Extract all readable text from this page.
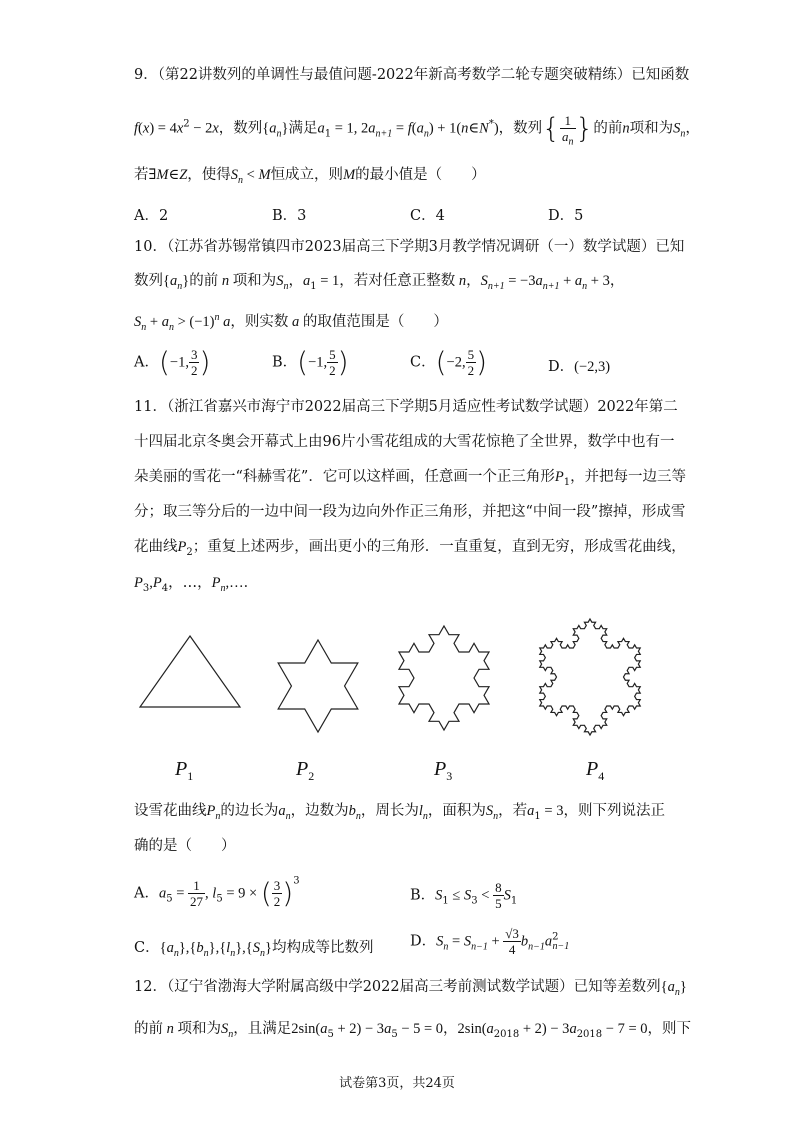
9．（第22讲数列的单调性与最值问题-2022年新高考数学二轮专题突破精练）已知函数
$f(x) = 4x^2 - 2x$，数列$\{a_n\}$满足$a_1 = 1$, $2a_{n+1} = f(a_n)$ + 1(n∈N*)，数列{ $\frac{1}{a_n}$ }的前n项和为$S_n$，
若∃M∈Z，使得$S_n < M$恒成立，则M的最小值是（　　）
A．2	B．3	C．4	D．5
10．（江苏省苏锡常镇四市2023届高三下学期3月教学情况调研（一）数学试题）已知
数列$\{a_n\}$的前 n 项和为$S_n$，$a_1 = 1$，若对任意正整数 n，$S_{n+1} = -3a_{n+1} + a_n + 3$，
$S_n + a_n > (-1)^n$ a，则实数 a 的取值范围是（　　）
A．(−1, $\frac{3}{2}$ )	B．(−1, $\frac{5}{2}$ )	C．(−2, $\frac{5}{2}$ )	D．(−2,3)
11．（浙江省嘉兴市海宁市2022届高三下学期5月适应性考试数学试题）2022年第二
十四届北京冬奥会开幕式上由96片小雪花组成的大雪花惊艳了全世界，数学中也有一
朵美丽的雪花一“科赫雪花”．它可以这样画，任意画一个正三角形$P_1$，并把每一边三等
分；取三等分后的一边中间一段为边向外作正三角形，并把这“中间一段”擦掉，形成雪
花曲线$P_2$；重复上述两步，画出更小的三角形．一直重复，直到无穷，形成雪花曲线，
$P_3,P_4$，…，$P_n,\dots$．
$P_1$	$P_2$	$P_3$	$P_4$
设雪花曲线$P_n$的边长为$a_n$，边数为$b_n$，周长为$l_n$，面积为$S_n$，若$a_1 = 3$，则下列说法正
确的是（　　）
A．$a_5 = \frac{1}{27}$ , $l_5 = 9$ × ( $\frac{3}{2} )^3$
B．$S_1 \le S_3 < \frac{8}{5} S_1$
C．$\{a_n\},\{b_n\},\{l_n\},\{S_n\}$均构成等比数列	D．$S_n = S_{n-1} + \frac{√3}{4} b_{n-1}a^2_{n-1}$
12．（辽宁省渤海大学附属高级中学2022届高三考前测试数学试题）已知等差数列$\{a_n\}$
的前 n 项和为$S_n$，且满足$2\sin(a_5 + 2) - 3a_5 - 5 = 0$，$2\sin(a_{2018} + 2) - 3a_{2018} - 7 = 0$，则下
试卷第3页，共24页
